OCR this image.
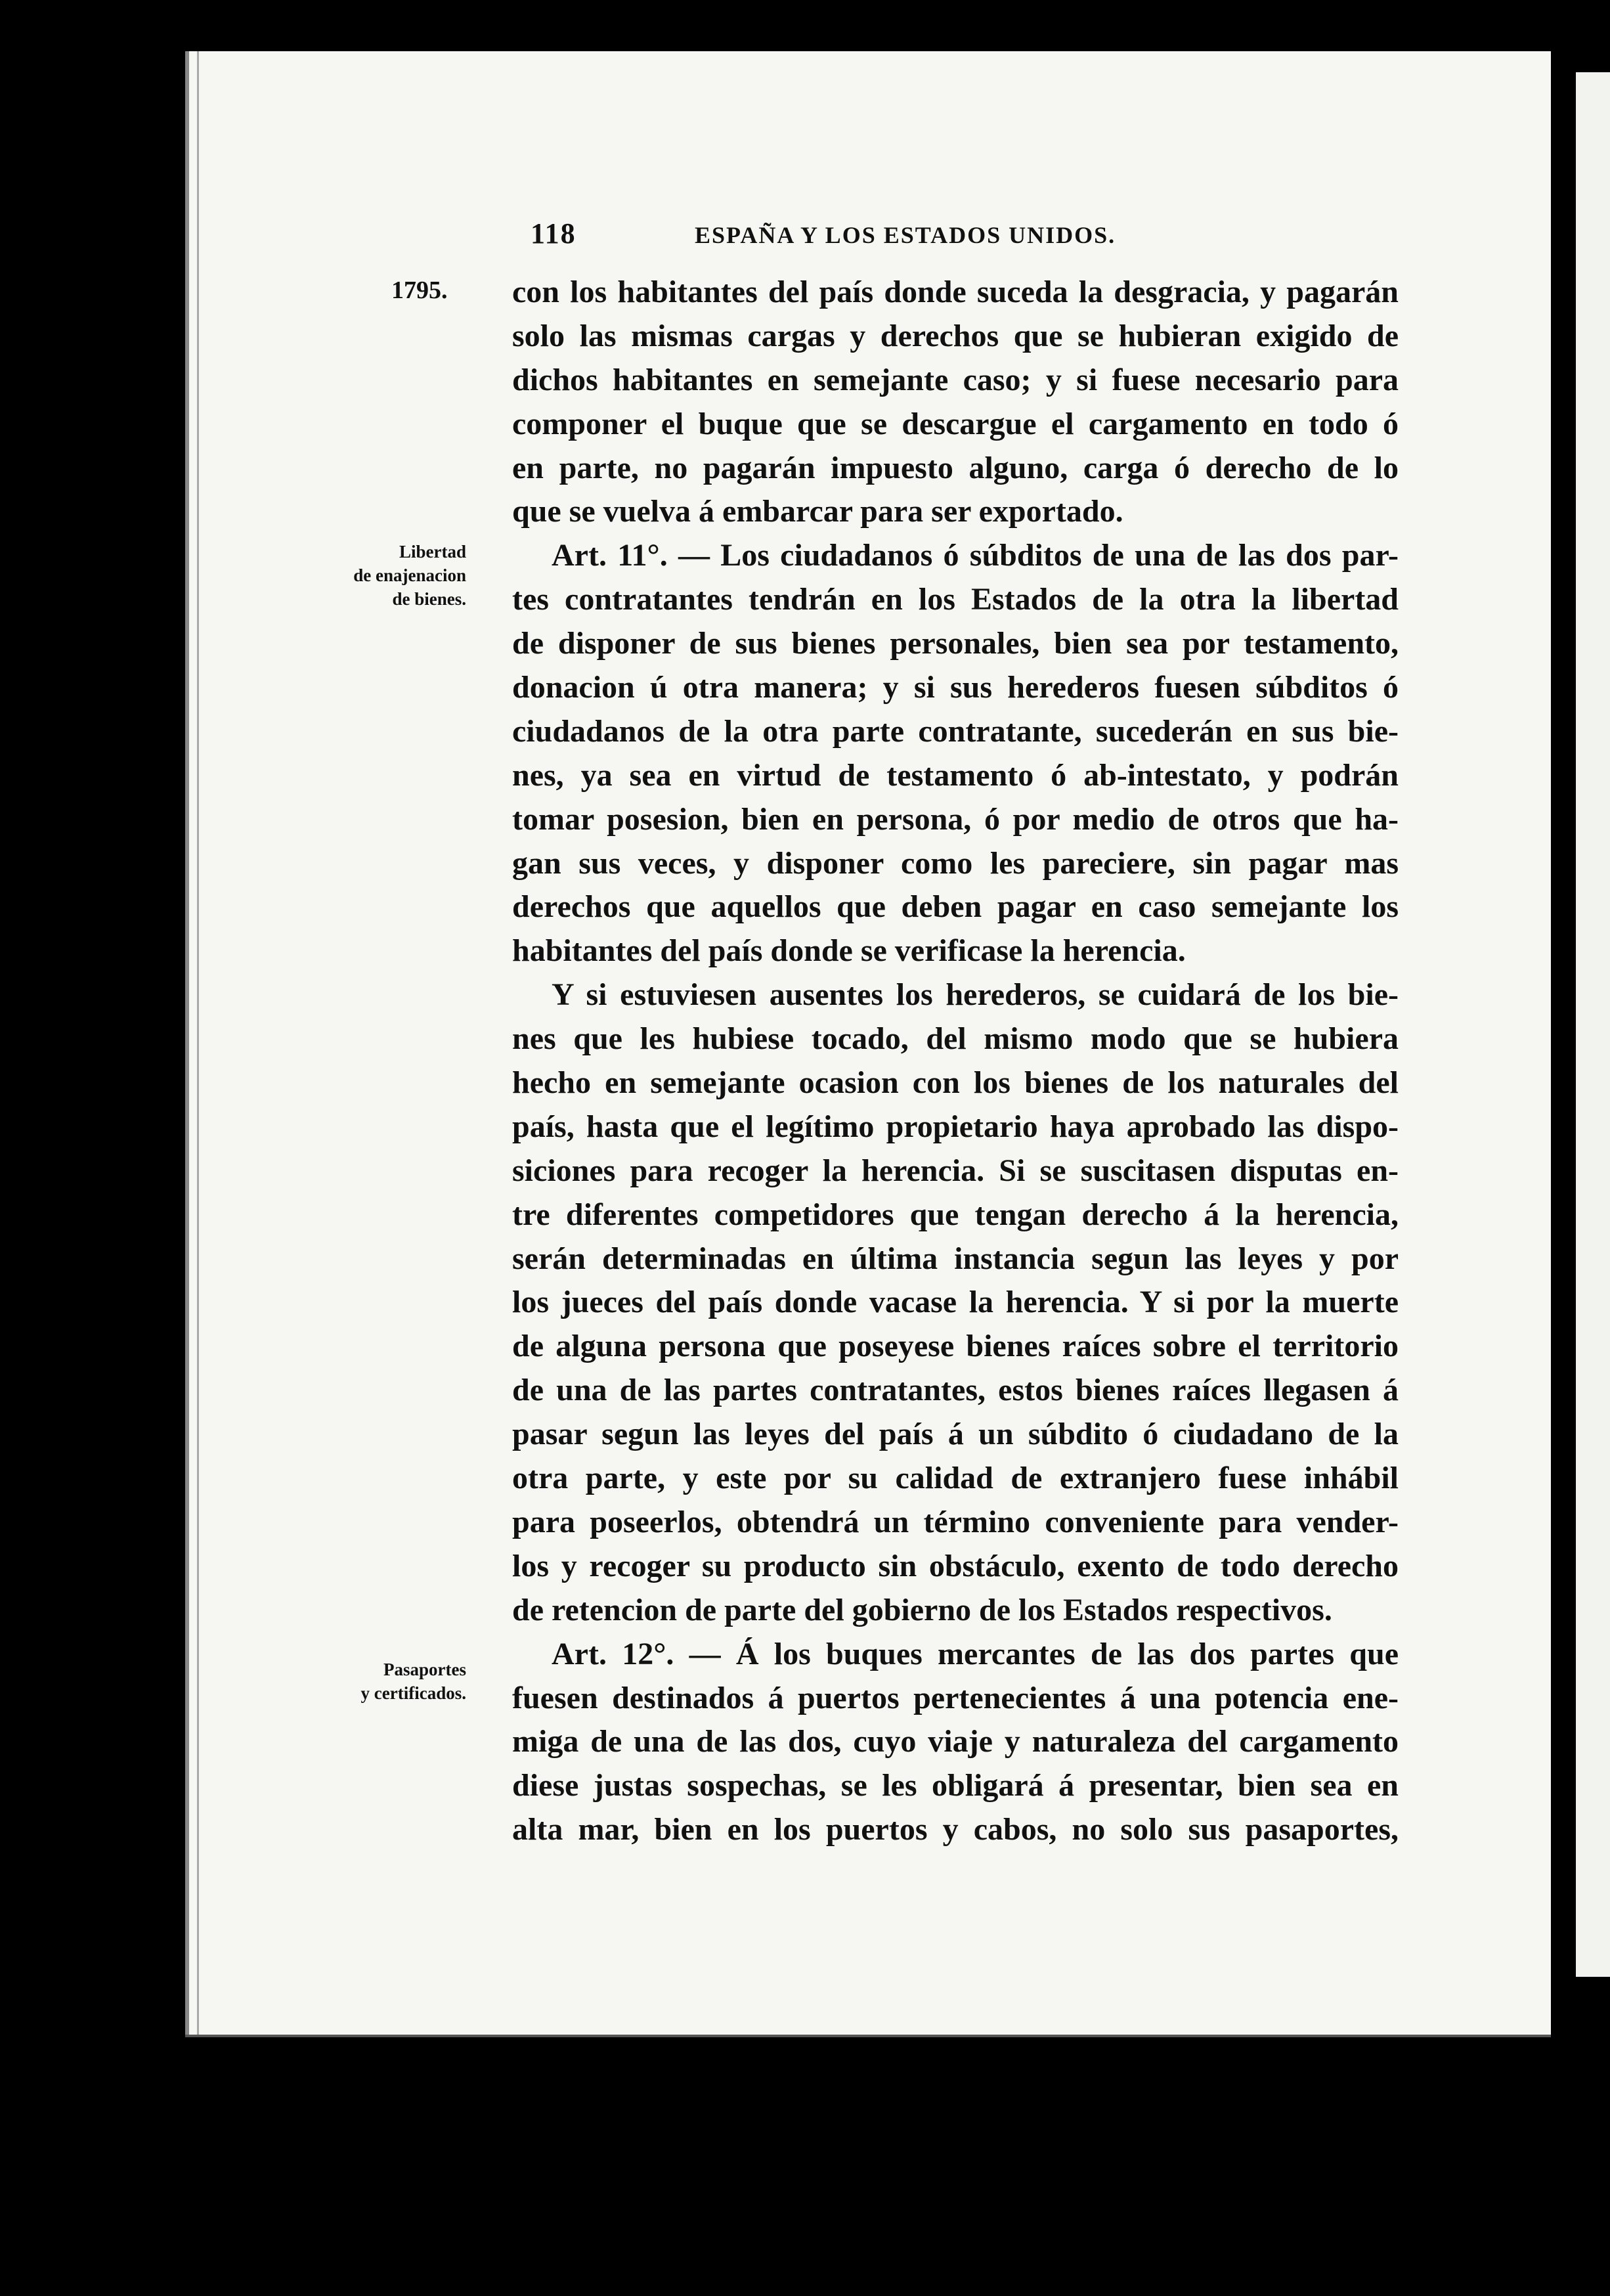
118	ESPAÑA Y LOS ESTADOS UNIDOS.
1795.
Libertad
de enajenacion
de bienes.
Pasaportes
y certificados.
con los habitantes del país donde suceda la desgracia, y pagarán
solo las mismas cargas y derechos que se hubieran exigido de
dichos habitantes en semejante caso; y si fuese necesario para
componer el buque que se descargue el cargamento en todo ó
en parte, no pagarán impuesto alguno, carga ó derecho de lo
que se vuelva á embarcar para ser exportado.
Art. 11°. — Los ciudadanos ó súbditos de una de las dos par-
tes contratantes tendrán en los Estados de la otra la libertad
de disponer de sus bienes personales, bien sea por testamento,
donacion ú otra manera; y si sus herederos fuesen súbditos ó
ciudadanos de la otra parte contratante, sucederán en sus bie-
nes, ya sea en virtud de testamento ó ab-intestato, y podrán
tomar posesion, bien en persona, ó por medio de otros que ha-
gan sus veces, y disponer como les pareciere, sin pagar mas
derechos que aquellos que deben pagar en caso semejante los
habitantes del país donde se verificase la herencia.
Y si estuviesen ausentes los herederos, se cuidará de los bie-
nes que les hubiese tocado, del mismo modo que se hubiera
hecho en semejante ocasion con los bienes de los naturales del
país, hasta que el legítimo propietario haya aprobado las dispo-
siciones para recoger la herencia. Si se suscitasen disputas en-
tre diferentes competidores que tengan derecho á la herencia,
serán determinadas en última instancia segun las leyes y por
los jueces del país donde vacase la herencia. Y si por la muerte
de alguna persona que poseyese bienes raíces sobre el territorio
de una de las partes contratantes, estos bienes raíces llegasen á
pasar segun las leyes del país á un súbdito ó ciudadano de la
otra parte, y este por su calidad de extranjero fuese inhábil
para poseerlos, obtendrá un término conveniente para vender-
los y recoger su producto sin obstáculo, exento de todo derecho
de retencion de parte del gobierno de los Estados respectivos.
Art. 12°. — Á los buques mercantes de las dos partes que
fuesen destinados á puertos pertenecientes á una potencia ene-
miga de una de las dos, cuyo viaje y naturaleza del cargamento
diese justas sospechas, se les obligará á presentar, bien sea en
alta mar, bien en los puertos y cabos, no solo sus pasaportes,
